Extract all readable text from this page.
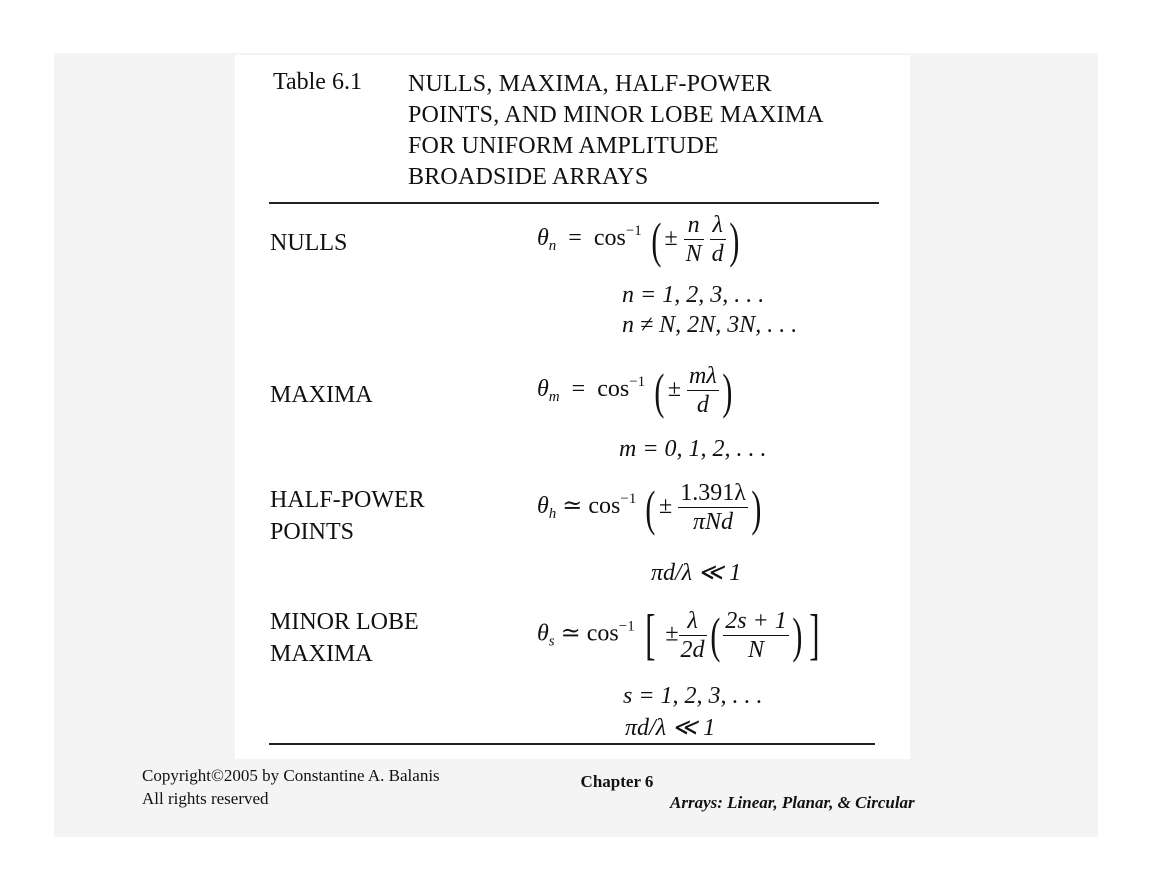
Table 6.1 NULLS, MAXIMA, HALF-POWER
POINTS, AND MINOR LOBE MAXIMA
FOR UNIFORM AMPLITUDE
BROADSIDE ARRAYS
NULLS	$\theta_n = \cos^{-1}$ ( ± $\frac{n}{N}$
$\frac{\lambda}{d}$ )
n = 1, 2, 3, . . .
n ≠ N, 2N, 3N, . . .
MAXIMA	$\theta_m = \cos^{-1}$ ( ± $\frac{m\lambda}{d}$ )
m = 0, 1, 2, . . .
HALF-POWER
POINTS
$\theta_h$ ≃ $\cos^{-1}$ ( ± $\frac{1.391\lambda}{\text{πNd}}$ )
πd/λ ≪ 1
MINOR LOBE
MAXIMA
$\theta_s$ ≃ $\cos^{-1}$ [ ± $\frac{\lambda}{2d}$ ( $\frac{2s + 1}{N}$ ) ]
s = 1, 2, 3, . . .
πd/λ ≪ 1
Copyright©2005 by Constantine A. Balanis
All rights reserved
Chapter 6
Arrays: Linear, Planar, & Circular
